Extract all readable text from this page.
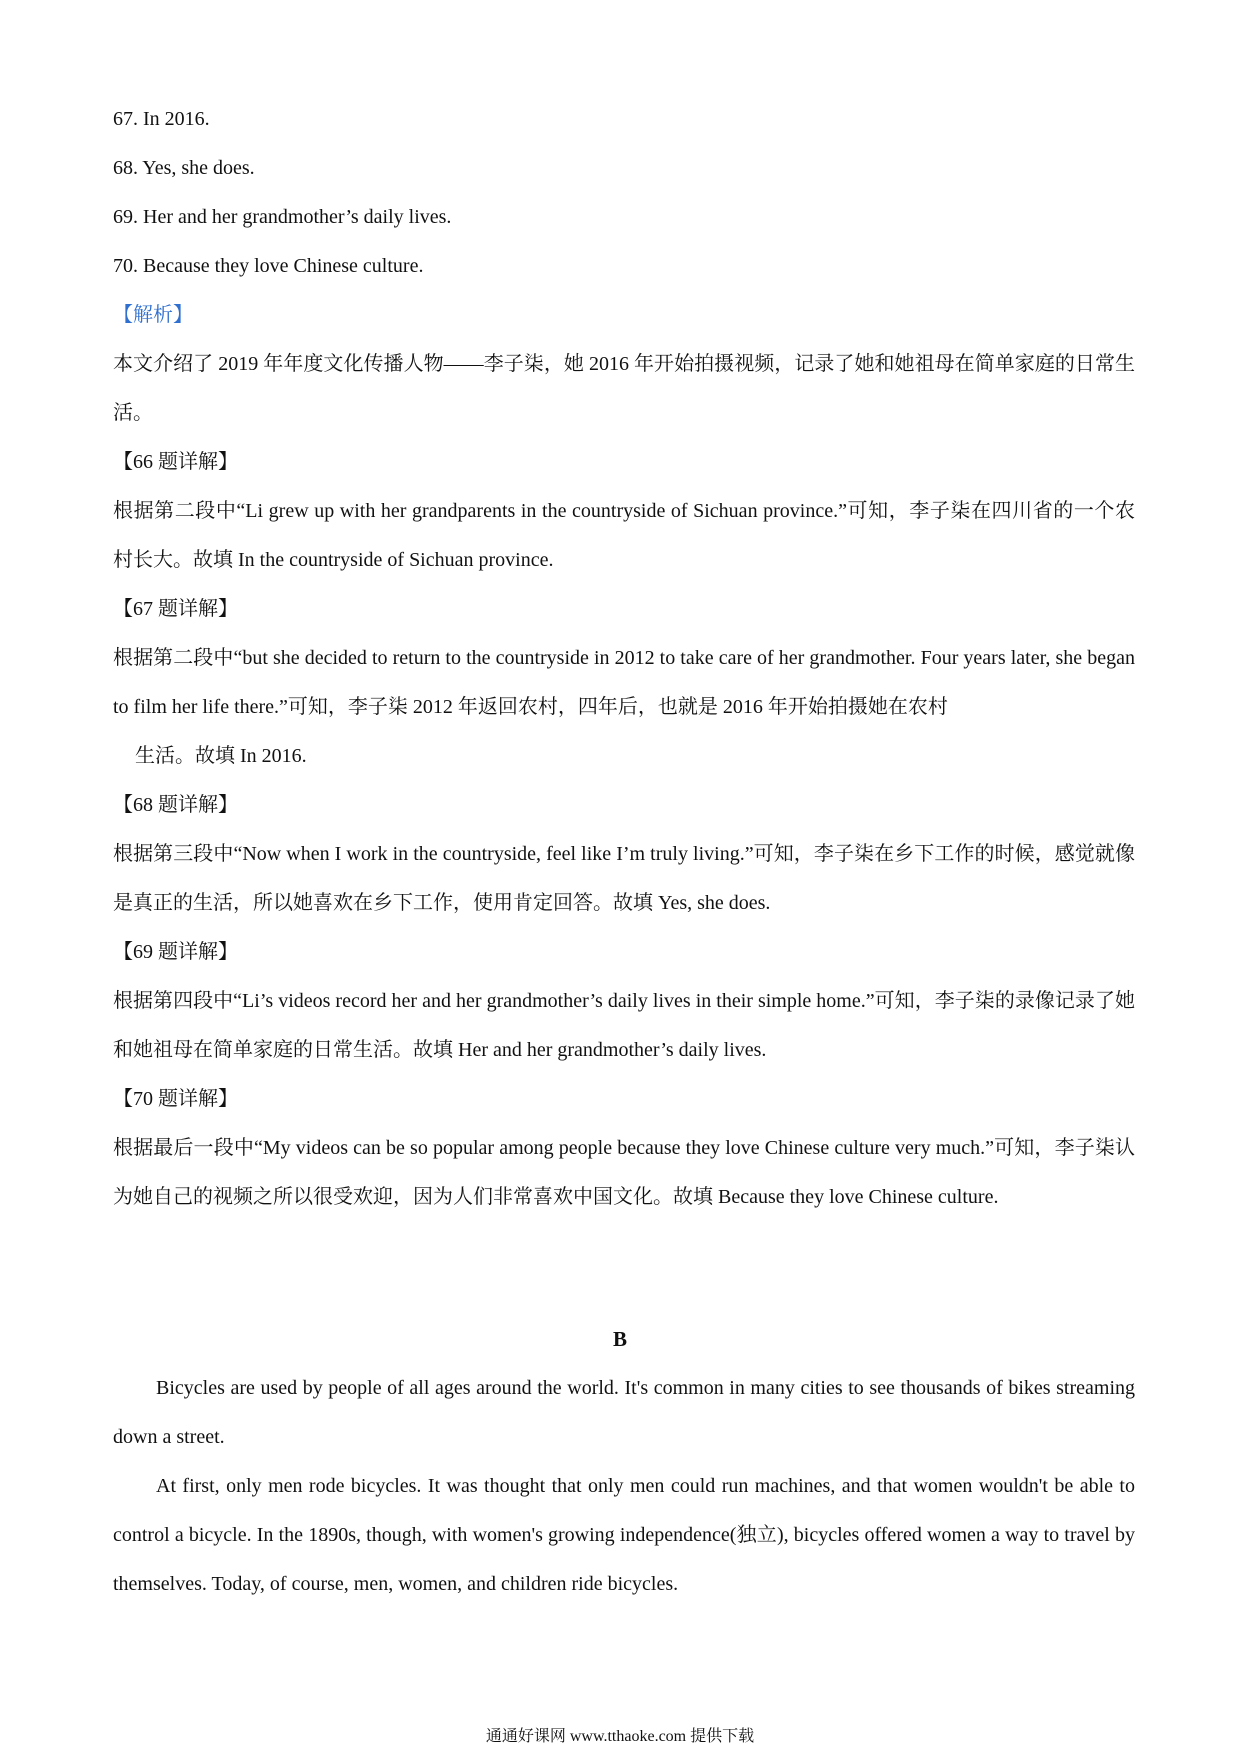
67. In 2016.
68. Yes, she does.
69. Her and her grandmother’s daily lives.
70. Because they love Chinese culture.
【解析】

本文介绍了 2019 年年度文化传播人物——李子柒，她 2016 年开始拍摄视频，记录了她和她祖母在简单家庭的日常生活。

【66 题详解】

根据第二段中“Li grew up with her grandparents in the countryside of Sichuan province.”可知，李子柒在四川省的一个农村长大。故填 In the countryside of Sichuan province.

【67 题详解】

根据第二段中“but she decided to return to the countryside in 2012 to take care of her grandmother. Four years later, she began to film her life there.”可知，李子柒 2012 年返回农村，四年后，也就是 2016 年开始拍摄她在农村

生活。故填 In 2016.

【68 题详解】

根据第三段中“Now when I work in the countryside, feel like I’m truly living.”可知，李子柒在乡下工作的时候，感觉就像是真正的生活，所以她喜欢在乡下工作，使用肯定回答。故填 Yes, she does.

【69 题详解】

根据第四段中“Li’s videos record her and her grandmother’s daily lives in their simple home.”可知，李子柒的录像记录了她和她祖母在简单家庭的日常生活。故填 Her and her grandmother’s daily lives.

【70 题详解】

根据最后一段中“My videos can be so popular among people because they love Chinese culture very much.”可知，李子柒认为她自己的视频之所以很受欢迎，因为人们非常喜欢中国文化。故填 Because they love Chinese culture.

B

Bicycles are used by people of all ages around the world. It's common in many cities to see thousands of bikes streaming down a street.

At first, only men rode bicycles. It was thought that only men could run machines, and that women wouldn't be able to control a bicycle. In the 1890s, though, with women's growing independence(独立), bicycles offered women a way to travel by themselves. Today, of course, men, women, and children ride bicycles.

通通好课网 www.tthaoke.com 提供下载
